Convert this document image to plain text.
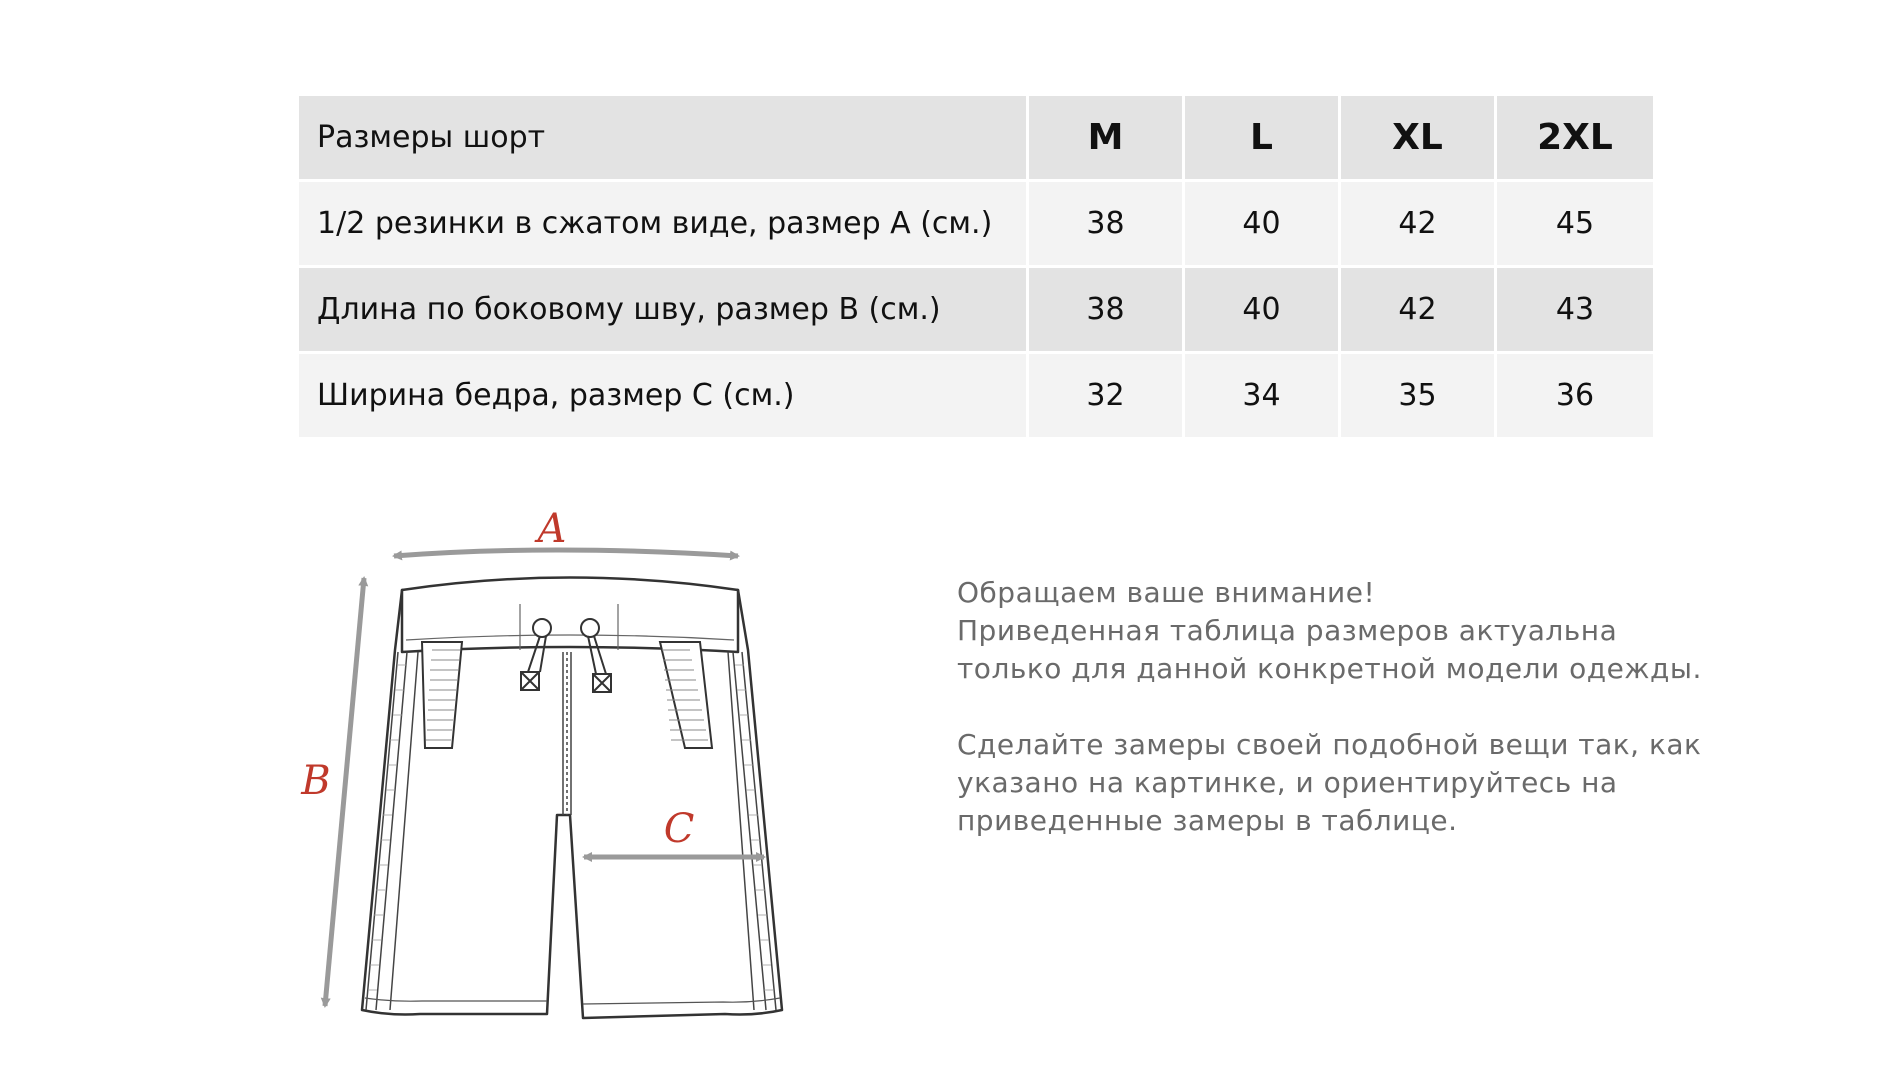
Размеры шорт	M	L	XL	2XL
1/2 резинки в сжатом виде, размер А (см.)	38	40	42	45
Длина по боковому шву, размер В (см.)	38	40	42	43
Ширина бедра, размер С (см.)	32	34	35	36
A
B
C
Обращаем ваше внимание!
Приведенная таблица размеров актуальна
только для данной конкретной модели одежды.
Сделайте замеры своей подобной вещи так, как
указано на картинке, и ориентируйтесь на
приведенные замеры в таблице.
